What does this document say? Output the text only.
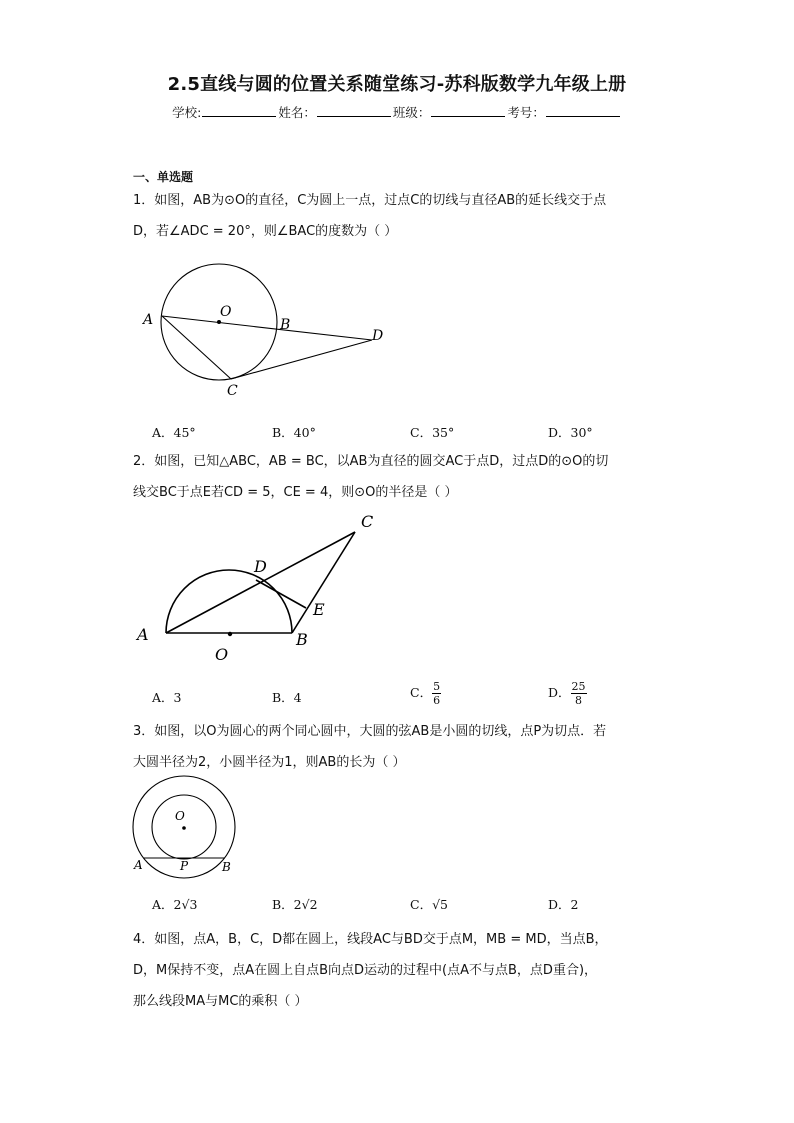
2.5直线与圆的位置关系随堂练习-苏科版数学九年级上册
学校:	姓名：	班级：	考号：
一、单选题
1．如图，AB为⊙O的直径，C为圆上一点，过点C的切线与直径AB的延长线交于点
D，若∠ADC = 20°，则∠BAC的度数为（ ）
A	O
B
D
C
A．45°	B．40°	C．35°	D．30°
2．如图，已知△ABC，AB = BC，以AB为直径的圆交AC于点D，过点D的⊙O的切
线交BC于点E若CD = 5，CE = 4，则⊙O的半径是（ ）
A
O
B
C
D
E
A．3	B．4	C． $\frac{5}{6}$	D． $\frac{25}{8}$
3．如图，以O为圆心的两个同心圆中，大圆的弦AB是小圆的切线，点P为切点．若
大圆半径为2，小圆半径为1，则AB的长为（ ）
O
A	P	B
A．2√3	B．2√2	C．√5	D．2
4．如图，点A，B，C，D都在圆上，线段AC与BD交于点M，MB = MD，当点B，
D，M保持不变，点A在圆上自点B向点D运动的过程中(点A不与点B，点D重合)，
那么线段MA与MC的乘积（ ）
